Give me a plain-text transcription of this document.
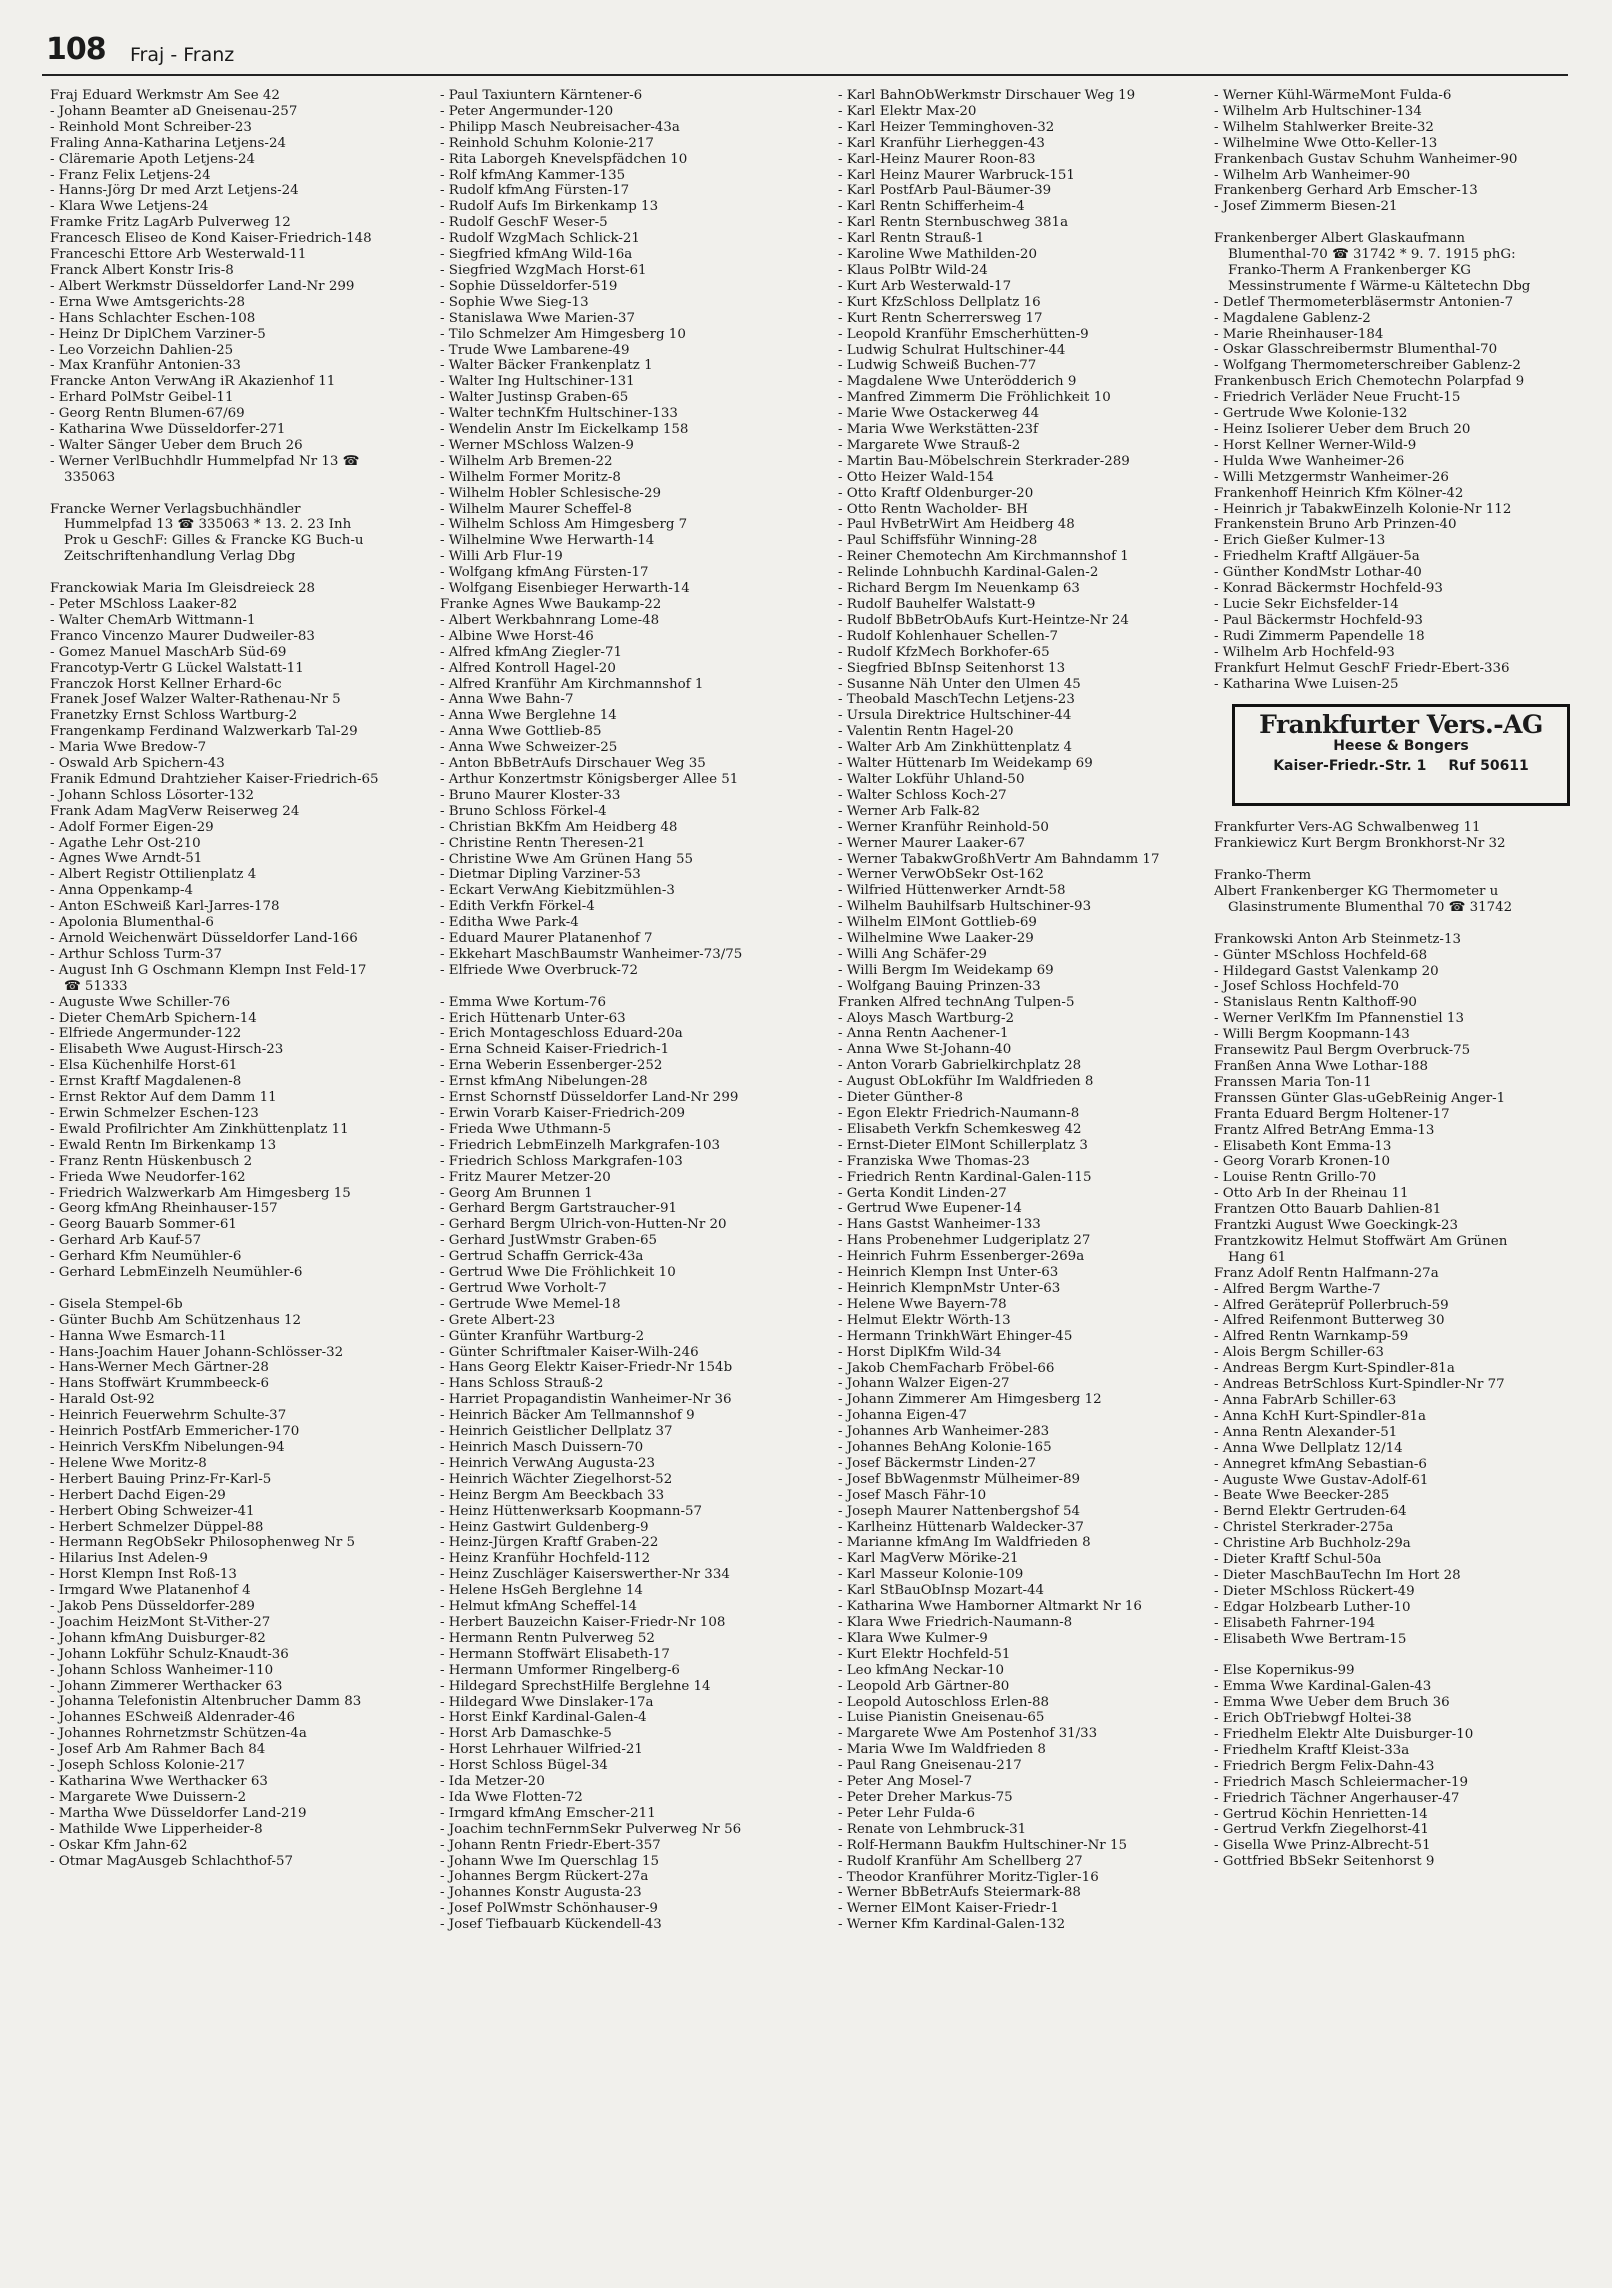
108 Fraj - Franz

Fraj Eduard Werkmstr Am See 42

- Johann Beamter aD Gneisenau-257

- Reinhold Mont Schreiber-23

Fraling Anna-Katharina Letjens-24

- Cläremarie Apoth Letjens-24

- Franz Felix Letjens-24

- Hanns-Jörg Dr med Arzt Letjens-24

- Klara Wwe Letjens-24

Framke Fritz LagArb Pulverweg 12

Francesch Eliseo de Kond Kaiser-Friedrich-148

Franceschi Ettore Arb Westerwald-11

Franck Albert Konstr Iris-8

- Albert Werkmstr Düsseldorfer Land-Nr 299

- Erna Wwe Amtsgerichts-28

- Hans Schlachter Eschen-108

- Heinz Dr DiplChem Varziner-5

- Leo Vorzeichn Dahlien-25

- Max Kranführ Antonien-33

Francke Anton VerwAng iR Akazienhof 11

- Erhard PolMstr Geibel-11

- Georg Rentn Blumen-67/69

- Katharina Wwe Düsseldorfer-271

- Walter Sänger Ueber dem Bruch 26

- Werner VerlBuchhdlr Hummelpfad Nr 13 ☎ 335063

Francke Werner Verlagsbuchhändler Hummelpfad 13 ☎ 335063 * 13. 2. 23 Inh Prok u GeschF: Gilles & Francke KG Buch-u Zeitschriftenhandlung Verlag Dbg

Franckowiak Maria Im Gleisdreieck 28

- Peter MSchloss Laaker-82

- Walter ChemArb Wittmann-1

Franco Vincenzo Maurer Dudweiler-83

- Gomez Manuel MaschArb Süd-69

Francotyp-Vertr G Lückel Walstatt-11

Franczok Horst Kellner Erhard-6c

Franek Josef Walzer Walter-Rathenau-Nr 5

Franetzky Ernst Schloss Wartburg-2

Frangenkamp Ferdinand Walzwerkarb Tal-29

- Maria Wwe Bredow-7

- Oswald Arb Spichern-43

Franik Edmund Drahtzieher Kaiser-Friedrich-65

- Johann Schloss Lösorter-132

Frank Adam MagVerw Reiserweg 24

- Adolf Former Eigen-29

- Agathe Lehr Ost-210

- Agnes Wwe Arndt-51

- Albert Registr Ottilienplatz 4

- Anna Oppenkamp-4

- Anton ESchweiß Karl-Jarres-178

- Apolonia Blumenthal-6

- Arnold Weichenwärt Düsseldorfer Land-166

- Arthur Schloss Turm-37

- August Inh G Oschmann Klempn Inst Feld-17 ☎ 51333

- Auguste Wwe Schiller-76

- Dieter ChemArb Spichern-14

- Elfriede Angermunder-122

- Elisabeth Wwe August-Hirsch-23

- Elsa Küchenhilfe Horst-61

- Ernst Kraftf Magdalenen-8

- Ernst Rektor Auf dem Damm 11

- Erwin Schmelzer Eschen-123

- Ewald Profilrichter Am Zinkhüttenplatz 11

- Ewald Rentn Im Birkenkamp 13

- Franz Rentn Hüskenbusch 2

- Frieda Wwe Neudorfer-162

- Friedrich Walzwerkarb Am Himgesberg 15

- Georg kfmAng Rheinhauser-157

- Georg Bauarb Sommer-61

- Gerhard Arb Kauf-57

- Gerhard Kfm Neumühler-6

- Gerhard LebmEinzelh Neumühler-6

- Gisela Stempel-6b

- Günter Buchb Am Schützenhaus 12

- Hanna Wwe Esmarch-11

- Hans-Joachim Hauer Johann-Schlösser-32

- Hans-Werner Mech Gärtner-28

- Hans Stoffwärt Krummbeeck-6

- Harald Ost-92

- Heinrich Feuerwehrm Schulte-37

- Heinrich PostfArb Emmericher-170

- Heinrich VersKfm Nibelungen-94

- Helene Wwe Moritz-8

- Herbert Bauing Prinz-Fr-Karl-5

- Herbert Dachd Eigen-29

- Herbert Obing Schweizer-41

- Herbert Schmelzer Düppel-88

- Hermann RegObSekr Philosophenweg Nr 5

- Hilarius Inst Adelen-9

- Horst Klempn Inst Roß-13

- Irmgard Wwe Platanenhof 4

- Jakob Pens Düsseldorfer-289

- Joachim HeizMont St-Vither-27

- Johann kfmAng Duisburger-82

- Johann Lokführ Schulz-Knaudt-36

- Johann Schloss Wanheimer-110

- Johann Zimmerer Werthacker 63

- Johanna Telefonistin Altenbrucher Damm 83

- Johannes ESchweiß Aldenrader-46

- Johannes Rohrnetzmstr Schützen-4a

- Josef Arb Am Rahmer Bach 84

- Joseph Schloss Kolonie-217

- Katharina Wwe Werthacker 63

- Margarete Wwe Duissern-2

- Martha Wwe Düsseldorfer Land-219

- Mathilde Wwe Lipperheider-8

- Oskar Kfm Jahn-62

- Otmar MagAusgeb Schlachthof-57

- Paul Taxiuntern Kärntener-6

- Peter Angermunder-120

- Philipp Masch Neubreisacher-43a

- Reinhold Schuhm Kolonie-217

- Rita Laborgeh Knevelspfädchen 10

- Rolf kfmAng Kammer-135

- Rudolf kfmAng Fürsten-17

- Rudolf Aufs Im Birkenkamp 13

- Rudolf GeschF Weser-5

- Rudolf WzgMach Schlick-21

- Siegfried kfmAng Wild-16a

- Siegfried WzgMach Horst-61

- Sophie Düsseldorfer-519

- Sophie Wwe Sieg-13

- Stanislawa Wwe Marien-37

- Tilo Schmelzer Am Himgesberg 10

- Trude Wwe Lambarene-49

- Walter Bäcker Frankenplatz 1

- Walter Ing Hultschiner-131

- Walter Justinsp Graben-65

- Walter technKfm Hultschiner-133

- Wendelin Anstr Im Eickelkamp 158

- Werner MSchloss Walzen-9

- Wilhelm Arb Bremen-22

- Wilhelm Former Moritz-8

- Wilhelm Hobler Schlesische-29

- Wilhelm Maurer Scheffel-8

- Wilhelm Schloss Am Himgesberg 7

- Wilhelmine Wwe Herwarth-14

- Willi Arb Flur-19

- Wolfgang kfmAng Fürsten-17

- Wolfgang Eisenbieger Herwarth-14

Franke Agnes Wwe Baukamp-22

- Albert Werkbahnrang Lome-48

- Albine Wwe Horst-46

- Alfred kfmAng Ziegler-71

- Alfred Kontroll Hagel-20

- Alfred Kranführ Am Kirchmannshof 1

- Anna Wwe Bahn-7

- Anna Wwe Berglehne 14

- Anna Wwe Gottlieb-85

- Anna Wwe Schweizer-25

- Anton BbBetrAufs Dirschauer Weg 35

- Arthur Konzertmstr Königsberger Allee 51

- Bruno Maurer Kloster-33

- Bruno Schloss Förkel-4

- Christian BkKfm Am Heidberg 48

- Christine Rentn Theresen-21

- Christine Wwe Am Grünen Hang 55

- Dietmar Dipling Varziner-53

- Eckart VerwAng Kiebitzmühlen-3

- Edith Verkfn Förkel-4

- Editha Wwe Park-4

- Eduard Maurer Platanenhof 7

- Ekkehart MaschBaumstr Wanheimer-73/75

- Elfriede Wwe Overbruck-72

- Emma Wwe Kortum-76

- Erich Hüttenarb Unter-63

- Erich Montageschloss Eduard-20a

- Erna Schneid Kaiser-Friedrich-1

- Erna Weberin Essenberger-252

- Ernst kfmAng Nibelungen-28

- Ernst Schornstf Düsseldorfer Land-Nr 299

- Erwin Vorarb Kaiser-Friedrich-209

- Frieda Wwe Uthmann-5

- Friedrich LebmEinzelh Markgrafen-103

- Friedrich Schloss Markgrafen-103

- Fritz Maurer Metzer-20

- Georg Am Brunnen 1

- Gerhard Bergm Gartstraucher-91

- Gerhard Bergm Ulrich-von-Hutten-Nr 20

- Gerhard JustWmstr Graben-65

- Gertrud Schaffn Gerrick-43a

- Gertrud Wwe Die Fröhlichkeit 10

- Gertrud Wwe Vorholt-7

- Gertrude Wwe Memel-18

- Grete Albert-23

- Günter Kranführ Wartburg-2

- Günter Schriftmaler Kaiser-Wilh-246

- Hans Georg Elektr Kaiser-Friedr-Nr 154b

- Hans Schloss Strauß-2

- Harriet Propagandistin Wanheimer-Nr 36

- Heinrich Bäcker Am Tellmannshof 9

- Heinrich Geistlicher Dellplatz 37

- Heinrich Masch Duissern-70

- Heinrich VerwAng Augusta-23

- Heinrich Wächter Ziegelhorst-52

- Heinz Bergm Am Beeckbach 33

- Heinz Hüttenwerksarb Koopmann-57

- Heinz Gastwirt Guldenberg-9

- Heinz-Jürgen Kraftf Graben-22

- Heinz Kranführ Hochfeld-112

- Heinz Zuschläger Kaiserswerther-Nr 334

- Helene HsGeh Berglehne 14

- Helmut kfmAng Scheffel-14

- Herbert Bauzeichn Kaiser-Friedr-Nr 108

- Hermann Rentn Pulverweg 52

- Hermann Stoffwärt Elisabeth-17

- Hermann Umformer Ringelberg-6

- Hildegard SprechstHilfe Berglehne 14

- Hildegard Wwe Dinslaker-17a

- Horst Einkf Kardinal-Galen-4

- Horst Arb Damaschke-5

- Horst Lehrhauer Wilfried-21

- Horst Schloss Bügel-34

- Ida Metzer-20

- Ida Wwe Flotten-72

- Irmgard kfmAng Emscher-211

- Joachim technFernmSekr Pulverweg Nr 56

- Johann Rentn Friedr-Ebert-357

- Johann Wwe Im Querschlag 15

- Johannes Bergm Rückert-27a

- Johannes Konstr Augusta-23

- Josef PolWmstr Schönhauser-9

- Josef Tiefbauarb Kückendell-43

- Karl BahnObWerkmstr Dirschauer Weg 19

- Karl Elektr Max-20

- Karl Heizer Temminghoven-32

- Karl Kranführ Lierheggen-43

- Karl-Heinz Maurer Roon-83

- Karl Heinz Maurer Warbruck-151

- Karl PostfArb Paul-Bäumer-39

- Karl Rentn Schifferheim-4

- Karl Rentn Sternbuschweg 381a

- Karl Rentn Strauß-1

- Karoline Wwe Mathilden-20

- Klaus PolBtr Wild-24

- Kurt Arb Westerwald-17

- Kurt KfzSchloss Dellplatz 16

- Kurt Rentn Scherrersweg 17

- Leopold Kranführ Emscherhütten-9

- Ludwig Schulrat Hultschiner-44

- Ludwig Schweiß Buchen-77

- Magdalene Wwe Unterödderich 9

- Manfred Zimmerm Die Fröhlichkeit 10

- Marie Wwe Ostackerweg 44

- Maria Wwe Werkstätten-23f

- Margarete Wwe Strauß-2

- Martin Bau-Möbelschrein Sterkrader-289

- Otto Heizer Wald-154

- Otto Kraftf Oldenburger-20

- Otto Rentn Wacholder- BH

- Paul HvBetrWirt Am Heidberg 48

- Paul Schiffsführ Winning-28

- Reiner Chemotechn Am Kirchmannshof 1

- Relinde Lohnbuchh Kardinal-Galen-2

- Richard Bergm Im Neuenkamp 63

- Rudolf Bauhelfer Walstatt-9

- Rudolf BbBetrObAufs Kurt-Heintze-Nr 24

- Rudolf Kohlenhauer Schellen-7

- Rudolf KfzMech Borkhofer-65

- Siegfried BbInsp Seitenhorst 13

- Susanne Näh Unter den Ulmen 45

- Theobald MaschTechn Letjens-23

- Ursula Direktrice Hultschiner-44

- Valentin Rentn Hagel-20

- Walter Arb Am Zinkhüttenplatz 4

- Walter Hüttenarb Im Weidekamp 69

- Walter Lokführ Uhland-50

- Walter Schloss Koch-27

- Werner Arb Falk-82

- Werner Kranführ Reinhold-50

- Werner Maurer Laaker-67

- Werner TabakwGroßhVertr Am Bahndamm 17

- Werner VerwObSekr Ost-162

- Wilfried Hüttenwerker Arndt-58

- Wilhelm Bauhilfsarb Hultschiner-93

- Wilhelm ElMont Gottlieb-69

- Wilhelmine Wwe Laaker-29

- Willi Ang Schäfer-29

- Willi Bergm Im Weidekamp 69

- Wolfgang Bauing Prinzen-33

Franken Alfred technAng Tulpen-5

- Aloys Masch Wartburg-2

- Anna Rentn Aachener-1

- Anna Wwe St-Johann-40

- Anton Vorarb Gabrielkirchplatz 28

- August ObLokführ Im Waldfrieden 8

- Dieter Günther-8

- Egon Elektr Friedrich-Naumann-8

- Elisabeth Verkfn Schemkesweg 42

- Ernst-Dieter ElMont Schillerplatz 3

- Franziska Wwe Thomas-23

- Friedrich Rentn Kardinal-Galen-115

- Gerta Kondit Linden-27

- Gertrud Wwe Eupener-14

- Hans Gastst Wanheimer-133

- Hans Probenehmer Ludgeriplatz 27

- Heinrich Fuhrm Essenberger-269a

- Heinrich Klempn Inst Unter-63

- Heinrich KlempnMstr Unter-63

- Helene Wwe Bayern-78

- Helmut Elektr Wörth-13

- Hermann TrinkhWärt Ehinger-45

- Horst DiplKfm Wild-34

- Jakob ChemFacharb Fröbel-66

- Johann Walzer Eigen-27

- Johann Zimmerer Am Himgesberg 12

- Johanna Eigen-47

- Johannes Arb Wanheimer-283

- Johannes BehAng Kolonie-165

- Josef Bäckermstr Linden-27

- Josef BbWagenmstr Mülheimer-89

- Josef Masch Fähr-10

- Joseph Maurer Nattenbergshof 54

- Karlheinz Hüttenarb Waldecker-37

- Marianne kfmAng Im Waldfrieden 8

- Karl MagVerw Mörike-21

- Karl Masseur Kolonie-109

- Karl StBauObInsp Mozart-44

- Katharina Wwe Hamborner Altmarkt Nr 16

- Klara Wwe Friedrich-Naumann-8

- Klara Wwe Kulmer-9

- Kurt Elektr Hochfeld-51

- Leo kfmAng Neckar-10

- Leopold Arb Gärtner-80

- Leopold Autoschloss Erlen-88

- Luise Pianistin Gneisenau-65

- Margarete Wwe Am Postenhof 31/33

- Maria Wwe Im Waldfrieden 8

- Paul Rang Gneisenau-217

- Peter Ang Mosel-7

- Peter Dreher Markus-75

- Peter Lehr Fulda-6

- Renate von Lehmbruck-31

- Rolf-Hermann Baukfm Hultschiner-Nr 15

- Rudolf Kranführ Am Schellberg 27

- Theodor Kranführer Moritz-Tigler-16

- Werner BbBetrAufs Steiermark-88

- Werner ElMont Kaiser-Friedr-1

- Werner Kfm Kardinal-Galen-132

- Werner Kühl-WärmeMont Fulda-6

- Wilhelm Arb Hultschiner-134

- Wilhelm Stahlwerker Breite-32

- Wilhelmine Wwe Otto-Keller-13

Frankenbach Gustav Schuhm Wanheimer-90

- Wilhelm Arb Wanheimer-90

Frankenberg Gerhard Arb Emscher-13

- Josef Zimmerm Biesen-21

Frankenberger Albert Glaskaufmann Blumenthal-70 ☎ 31742 * 9. 7. 1915 phG: Franko-Therm A Frankenberger KG Messinstrumente f Wärme-u Kältetechn Dbg

- Detlef Thermometerbläsermstr Antonien-7

- Magdalene Gablenz-2

- Marie Rheinhauser-184

- Oskar Glasschreibermstr Blumenthal-70

- Wolfgang Thermometerschreiber Gablenz-2

Frankenbusch Erich Chemotechn Polarpfad 9

- Friedrich Verläder Neue Frucht-15

- Gertrude Wwe Kolonie-132

- Heinz Isolierer Ueber dem Bruch 20

- Horst Kellner Werner-Wild-9

- Hulda Wwe Wanheimer-26

- Willi Metzgermstr Wanheimer-26

Frankenhoff Heinrich Kfm Kölner-42

- Heinrich jr TabakwEinzelh Kolonie-Nr 112

Frankenstein Bruno Arb Prinzen-40

- Erich Gießer Kulmer-13

- Friedhelm Kraftf Allgäuer-5a

- Günther KondMstr Lothar-40

- Konrad Bäckermstr Hochfeld-93

- Lucie Sekr Eichsfelder-14

- Paul Bäckermstr Hochfeld-93

- Rudi Zimmerm Papendelle 18

- Wilhelm Arb Hochfeld-93

Frankfurt Helmut GeschF Friedr-Ebert-336

- Katharina Wwe Luisen-25

Frankfurter Vers.-AG
Heese & Bongers
Kaiser-Friedr.-Str. 1 Ruf 50611

Frankfurter Vers-AG Schwalbenweg 11

Frankiewicz Kurt Bergm Bronkhorst-Nr 32

Franko-Therm

Albert Frankenberger KG Thermometer u Glasinstrumente Blumenthal 70 ☎ 31742

Frankowski Anton Arb Steinmetz-13

- Günter MSchloss Hochfeld-68

- Hildegard Gastst Valenkamp 20

- Josef Schloss Hochfeld-70

- Stanislaus Rentn Kalthoff-90

- Werner VerlKfm Im Pfannenstiel 13

- Willi Bergm Koopmann-143

Fransewitz Paul Bergm Overbruck-75

Franßen Anna Wwe Lothar-188

Franssen Maria Ton-11

Franssen Günter Glas-uGebReinig Anger-1

Franta Eduard Bergm Holtener-17

Frantz Alfred BetrAng Emma-13

- Elisabeth Kont Emma-13

- Georg Vorarb Kronen-10

- Louise Rentn Grillo-70

- Otto Arb In der Rheinau 11

Frantzen Otto Bauarb Dahlien-81

Frantzki August Wwe Goeckingk-23

Frantzkowitz Helmut Stoffwärt Am Grünen Hang 61

Franz Adolf Rentn Halfmann-27a

- Alfred Bergm Warthe-7

- Alfred Geräteprüf Pollerbruch-59

- Alfred Reifenmont Butterweg 30

- Alfred Rentn Warnkamp-59

- Alois Bergm Schiller-63

- Andreas Bergm Kurt-Spindler-81a

- Andreas BetrSchloss Kurt-Spindler-Nr 77

- Anna FabrArb Schiller-63

- Anna KchH Kurt-Spindler-81a

- Anna Rentn Alexander-51

- Anna Wwe Dellplatz 12/14

- Annegret kfmAng Sebastian-6

- Auguste Wwe Gustav-Adolf-61

- Beate Wwe Beecker-285

- Bernd Elektr Gertruden-64

- Christel Sterkrader-275a

- Christine Arb Buchholz-29a

- Dieter Kraftf Schul-50a

- Dieter MaschBauTechn Im Hort 28

- Dieter MSchloss Rückert-49

- Edgar Holzbearb Luther-10

- Elisabeth Fahrner-194

- Elisabeth Wwe Bertram-15

- Else Kopernikus-99

- Emma Wwe Kardinal-Galen-43

- Emma Wwe Ueber dem Bruch 36

- Erich ObTriebwgf Holtei-38

- Friedhelm Elektr Alte Duisburger-10

- Friedhelm Kraftf Kleist-33a

- Friedrich Bergm Felix-Dahn-43

- Friedrich Masch Schleiermacher-19

- Friedrich Tächner Angerhauser-47

- Gertrud Köchin Henrietten-14

- Gertrud Verkfn Ziegelhorst-41

- Gisella Wwe Prinz-Albrecht-51

- Gottfried BbSekr Seitenhorst 9
